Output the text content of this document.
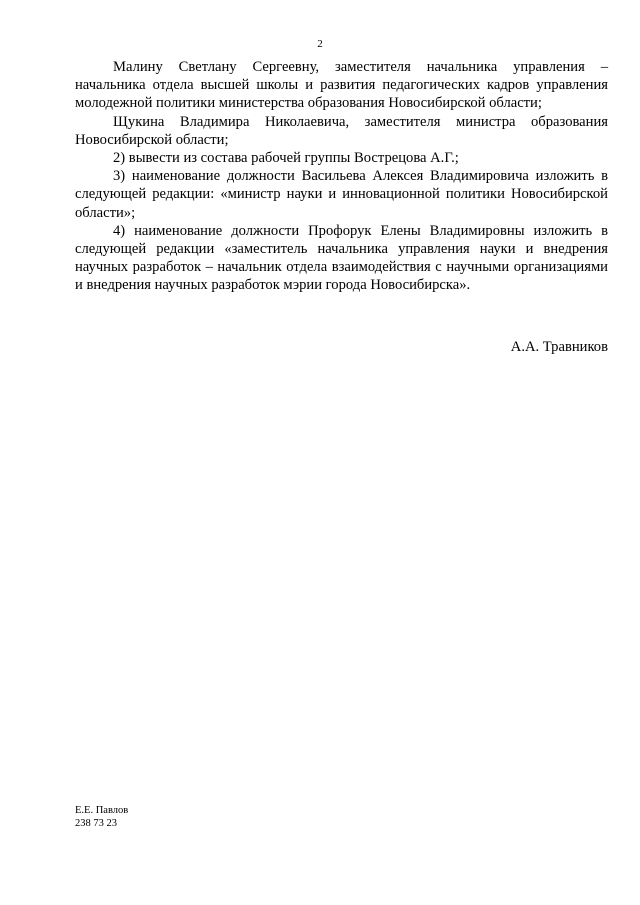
2

Малину Светлану Сергеевну, заместителя начальника управления – начальника отдела высшей школы и развития педагогических кадров управления молодежной политики министерства образования Новосибирской области;

Щукина Владимира Николаевича, заместителя министра образования Новосибирской области;

2) вывести из состава рабочей группы Вострецова А.Г.;

3) наименование должности Васильева Алексея Владимировича изложить в следующей редакции: «министр науки и инновационной политики Новосибирской области»;

4) наименование должности Профорук Елены Владимировны изложить в следующей редакции «заместитель начальника управления науки и внедрения научных разработок – начальник отдела взаимодействия с научными организациями и внедрения научных разработок мэрии города Новосибирска».

А.А. Травников
Е.Е. Павлов
238 73 23
